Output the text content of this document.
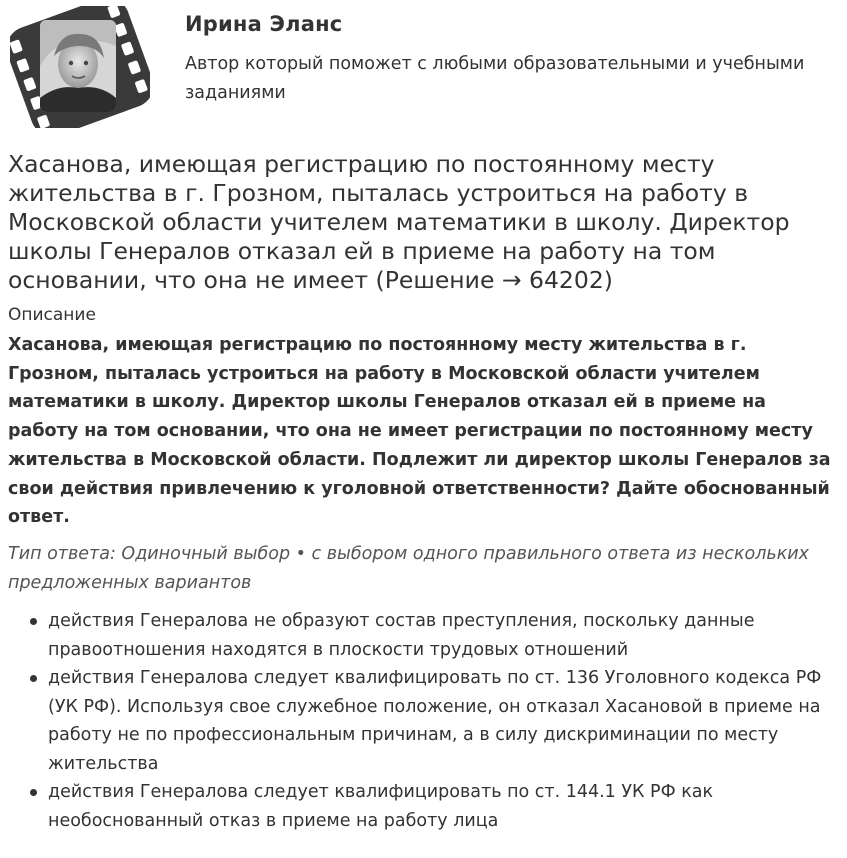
Ирина Эланс
Автор который поможет с любыми образовательными и учебными заданиями
Хасанова, имеющая регистрацию по постоянному месту жительства в г. Грозном, пыталась устроиться на работу в Московской области учителем математики в школу. Директор школы Генералов отказал ей в приеме на работу на том основании, что она не имеет (Решение → 64202)
Описание
Хасанова, имеющая регистрацию по постоянному месту жительства в г. Грозном, пыталась устроиться на работу в Московской области учителем математики в школу. Директор школы Генералов отказал ей в приеме на работу на том основании, что она не имеет регистрации по постоянному месту жительства в Московской области. Подлежит ли директор школы Генералов за свои действия привлечению к уголовной ответственности? Дайте обоснованный ответ.
Тип ответа: Одиночный выбор • с выбором одного правильного ответа из нескольких предложенных вариантов
действия Генералова не образуют состав преступления, поскольку данные правоотношения находятся в плоскости трудовых отношений
действия Генералова следует квалифицировать по ст. 136 Уголовного кодекса РФ (УК РФ). Используя свое служебное положение, он отказал Хасановой в приеме на работу не по профессиональным причинам, а в силу дискриминации по месту жительства
действия Генералова следует квалифицировать по ст. 144.1 УК РФ как необоснованный отказ в приеме на работу лица
